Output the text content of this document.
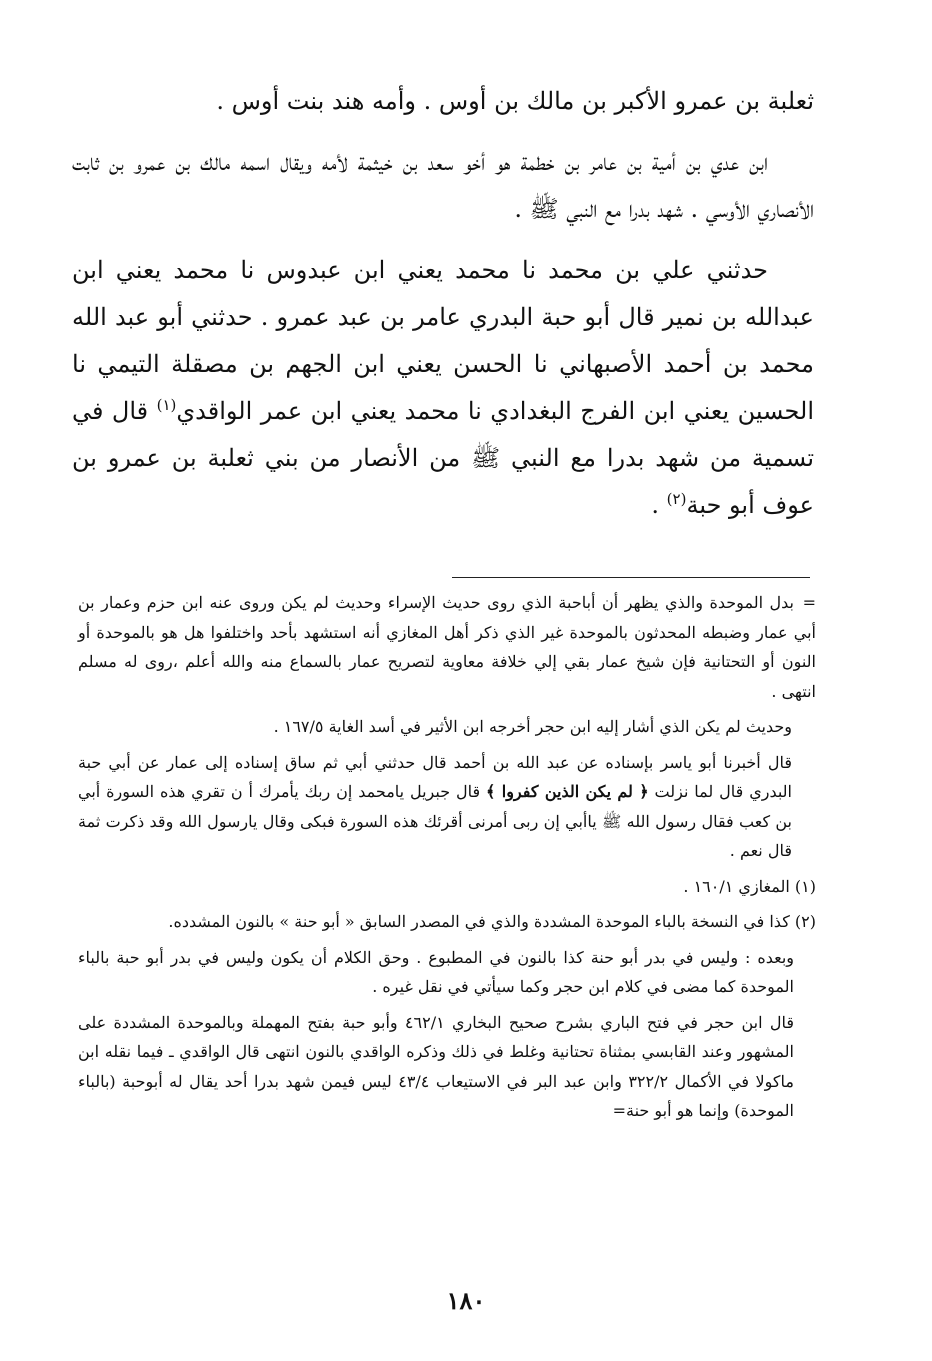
ثعلبة بن عمرو الأكبر بن مالك بن أوس . وأمه هند بنت أوس .

ابن عدي بن أمية بن عامر بن خطمة هو أخو سعد بن خيثمة لأمه ويقال اسمه مالك بن عمرو بن ثابت الأنصاري الأوسي . شهد بدرا مع النبي ﷺ .

حدثني علي بن محمد نا محمد يعني ابن عبدوس نا محمد يعني ابن عبدالله بن نمير قال أبو حبة البدري عامر بن عبد عمرو . حدثني أبو عبد الله محمد بن أحمد الأصبهاني نا الحسن يعني ابن الجهم بن مصقلة التيمي نا الحسين يعني ابن الفرج البغدادي نا محمد يعني ابن عمر الواقدي$^{(١)}$ قال في تسمية من شهد بدرا مع النبي ﷺ من الأنصار من بني ثعلبة بن عمرو بن عوف أبو حبة$^{(٢)}$ .

=بدل الموحدة والذي يظهر أن أباحبة الذي روى حديث الإسراء وحديث لم يكن وروى عنه ابن حزم وعمار بن أبي عمار وضبطه المحدثون بالموحدة غير الذي ذكر أهل المغازي أنه استشهد بأحد واختلفوا هل هو بالموحدة أو النون أو التحتانية فإن شيخ عمار بقي إلي خلافة معاوية لتصريح عمار بالسماع منه والله أعلم ،روى له مسلم انتهى .

وحديث لم يكن الذي أشار إليه ابن حجر أخرجه ابن الأثير في أسد الغاية ١٦٧/٥ .

قال أخبرنا أبو ياسر بإسناده عن عبد الله بن أحمد قال حدثني أبي ثم ساق إسناده إلى عمار عن أبي حبة البدري قال لما نزلت ﴿ لم يكن الذين كفروا ﴾ قال جبريل يامحمد إن ربك يأمرك أ ن تقري هذه السورة أبي بن كعب فقال رسول الله ﷺ ياأبي إن ربى أمرنى أقرئك هذه السورة فبكى وقال يارسول الله وقد ذكرت ثمة قال نعم .

(١) المغازي ١٦٠/١ .

(٢) كذا في النسخة بالباء الموحدة المشددة والذي في المصدر السابق « أبو حنة » بالنون المشدده.

وبعده : وليس في بدر أبو حنة كذا بالنون في المطبوع . وحق الكلام أن يكون وليس في بدر أبو حبة بالباء الموحدة كما مضى في كلام ابن حجر وكما سيأتي في نقل غيره .

قال ابن حجر في فتح الباري بشرح صحيح البخاري ٤٦٢/١ وأبو حبة بفتح المهملة وبالموحدة المشددة على المشهور وعند القابسي بمثناة تحتانية وغلط في ذلك وذكره الواقدي بالنون انتهى قال الواقدي ـ فيما نقله ابن ماكولا في الأكمال ٣٢٢/٢ وابن عبد البر في الاستيعاب ٤٣/٤ ليس فيمن شهد بدرا أحد يقال له أبوحبة (بالباء الموحدة) وإنما هو أبو حنة=

١٨٠
